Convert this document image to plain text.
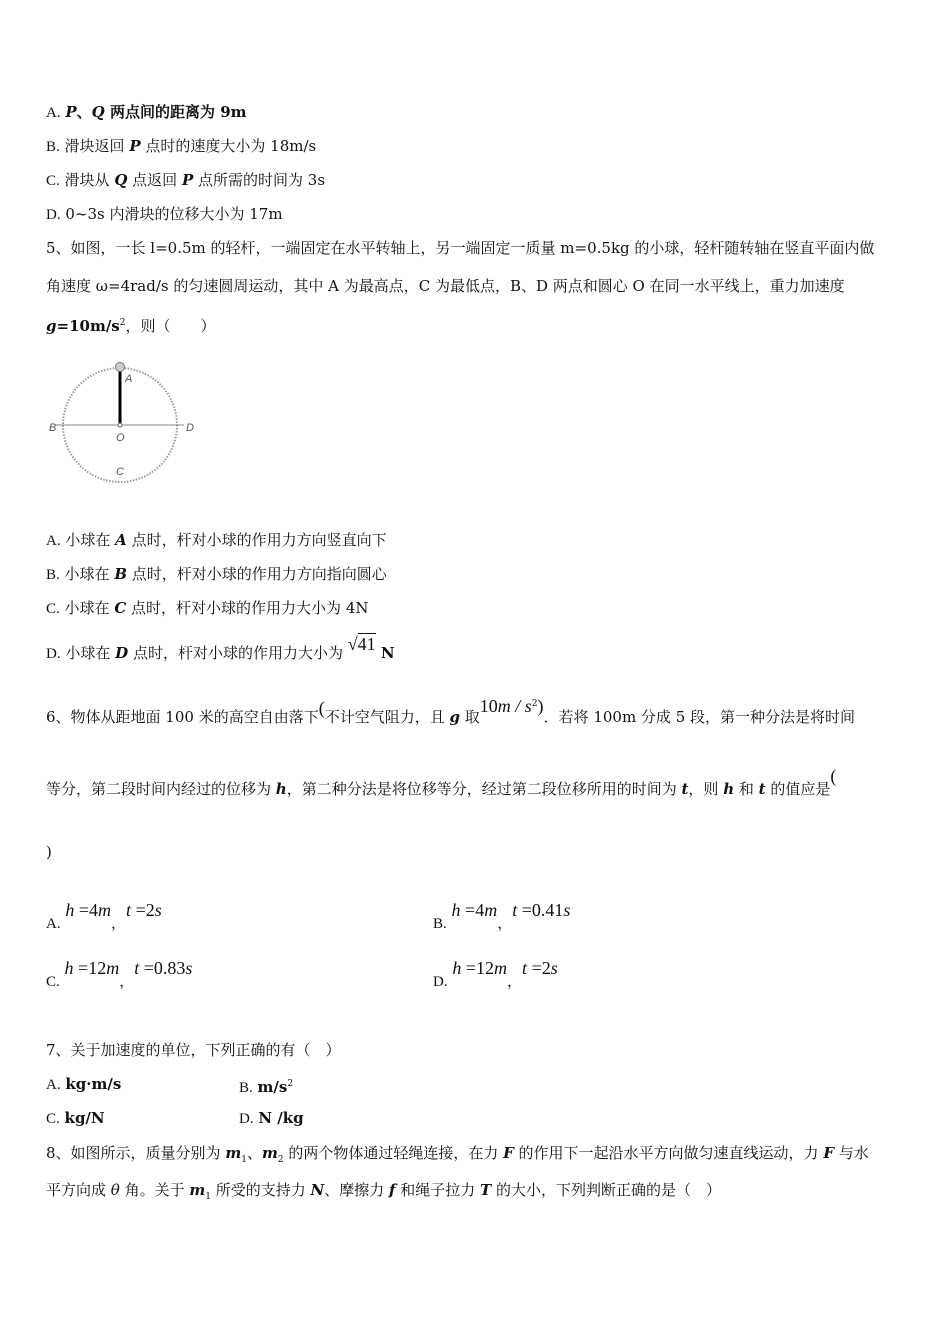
A. P、Q 两点间的距离为 9m
B. 滑块返回 P 点时的速度大小为 18m/s
C. 滑块从 Q 点返回 P 点所需的时间为 3s
D. 0~3s 内滑块的位移大小为 17m
5、如图，一长 l=0.5m 的轻杆，一端固定在水平转轴上，另一端固定一质量 m=0.5kg 的小球，轻杆随转轴在竖直平面内做
角速度 ω=4rad/s 的匀速圆周运动，其中 A 为最高点，C 为最低点，B、D 两点和圆心 O 在同一水平线上，重力加速度
$g=10m/s^2$，则（　　）
A
B
O
D
C
A. 小球在 A 点时，杆对小球的作用力方向竖直向下
B. 小球在 B 点时，杆对小球的作用力方向指向圆心
C. 小球在 C 点时，杆对小球的作用力大小为 4N
D. 小球在 D 点时，杆对小球的作用力大小为 √41 N
6、物体从距地面 100 米的高空自由落下(不计空气阻力，且 g 取$10m / s^2$)．若将 100m 分成 5 段，第一种分法是将时间
等分，第二段时间内经过的位移为 h，第二种分法是将位移等分，经过第二段位移所用的时间为 t，则 h 和 t 的值应是(
)
A. h =4m，t =2s
B. h =4m，t =0.41s
C. h =12m，t =0.83s
D. h =12m，t =2s
7、关于加速度的单位，下列正确的有（　）
A. kg·m/s	B. $m/s^2$
C. kg/N	D. N /kg
8、如图所示，质量分别为 $m_1$、$m_2$ 的两个物体通过轻绳连接，在力 F 的作用下一起沿水平方向做匀速直线运动，力 F 与水
平方向成 θ 角。关于 $m_1$ 所受的支持力 N、摩擦力 f 和绳子拉力 T 的大小，下列判断正确的是（　）
